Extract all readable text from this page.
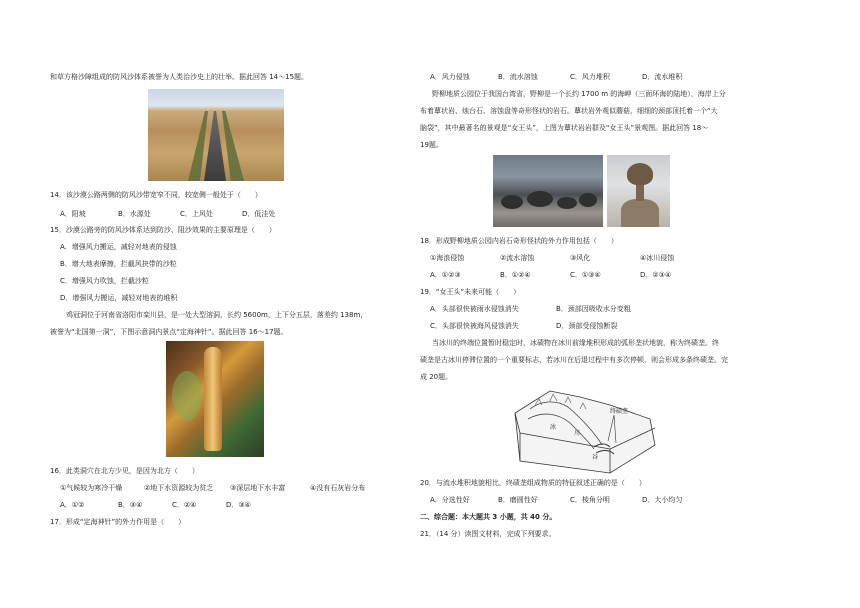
和草方格沙障组成的防风沙体系被誉为人类治沙史上的壮举。据此回答 14～15题。
14．该沙漠公路两侧的防风沙带宽窄不同，较宽侧一般处于（　　）
A．阳坡	B．水源处	C．上风处	D．低洼处
15．沙漠公路旁的防风沙体系达到防沙、阻沙效果的主要原理是（　　）
A．增强风力搬运，减轻对地表的侵蚀
B．增大地表摩擦，拦截风抉带的沙粒
C．增强风力吹蚀，拦截沙粒
D．增强风力搬运，减轻对地表的堆积
鸡冠洞位于河南省洛阳市栾川县，是一处大型溶洞，长约 5600m，上下分五层，落差约 138m，
被誉为“北国第一洞”，下图示意洞内景点“定海神针”。据此回答 16～17题。
16．此类洞穴在北方少见，是因为北方（　　）
①气候较为寒冷干燥	②地下水资源较为贫乏 ③深层地下水丰富	④没有石灰岩分布
A．①②	B．③④	C．②④	D．③④
17．形成“定海神针”的外力作用是（　　）
A．风力侵蚀	B．流水溶蚀	C．风力堆积	D．流水堆积
野柳地质公园位于我国台湾省，野柳是一个长约 1700 m 的海岬（三面环海的陆地），海岸上分
布着蕈状岩、烛台石、溶蚀盘等奇形怪状的岩石。蕈状岩外观似蘑菇，细细的颈部顶托着一个“大
脑袋”，其中最著名的景观是“女王头”，上图为蕈状岩岩群及“女王头”景观图。据此回答 18～
19题。
18．形成野柳地质公园内岩石奇形怪状的外力作用包括（　　）
①海浪侵蚀	②流水溶蚀	③风化	④冰川侵蚀
A．①②③	B．①②④	C．①③④	D．②③④
19．“女王头”未来可能（　　）
A．头部很快被雨水侵蚀消失	B．颈部因吸收水分变粗
C．头部很快被海风侵蚀消失	D．颈部受侵蚀断裂
当冰川的终端位置暂时稳定时，冰碛物在冰川前缘堆积形成的弧形垄状地貌，称为终碛垄。终
碛垄是古冰川停滞位置的一个重要标志，若冰川在后退过程中有多次停顿，则会形成多条终碛垄。完
成 20题。
终碛垄
冰
川
谷
20．与流水堆积地貌相比，终碛垄组成物质的特征叙述正确的是（　　）
A．分选性好	B．磨圆性好	C．棱角分明	D．大小均匀
二、综合题：本大题共 3 小题，共 40 分。
21．（14 分）读图文材料，完成下列要求。
